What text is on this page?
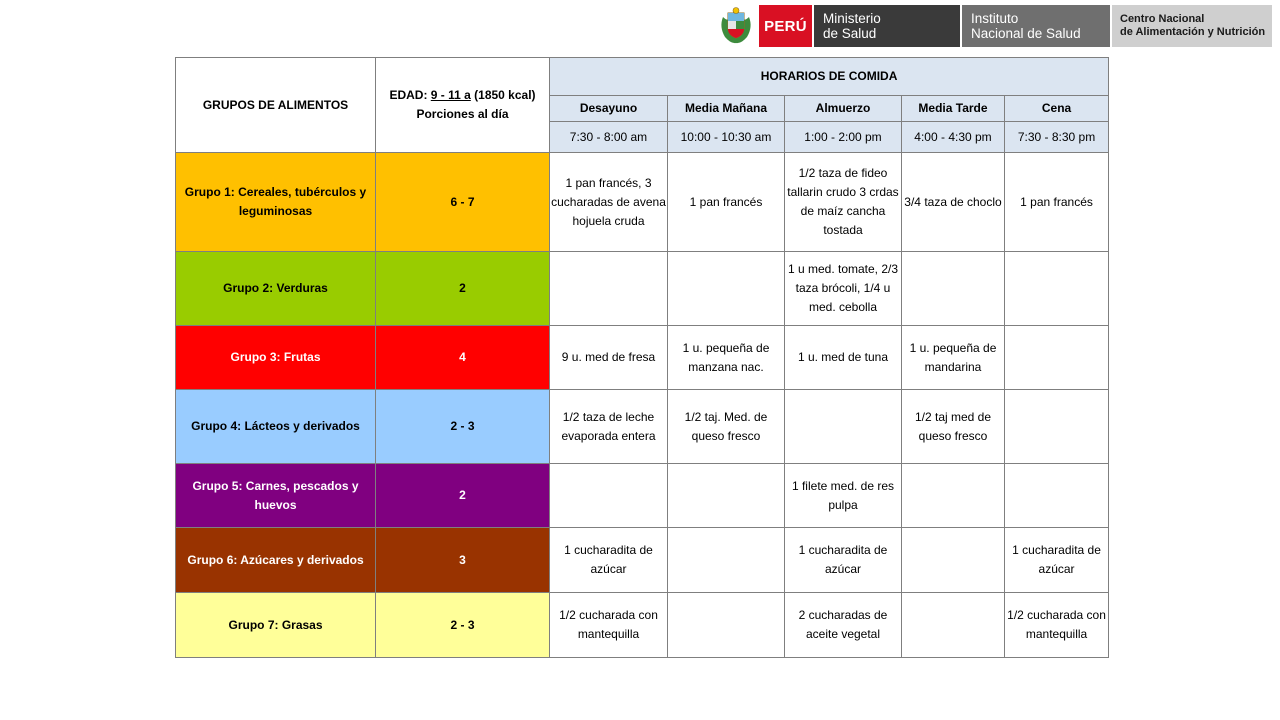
PERÚ Ministerio
de Salud
Instituto
Nacional de Salud
Centro Nacional
de Alimentación y Nutrición
GRUPOS DE ALIMENTOS	EDAD: 9 - 11 a (1850 kcal)
Porciones al día	HORARIOS DE COMIDA				
		Desayuno	Media Mañana	Almuerzo	Media Tarde	Cena
		7:30 - 8:00 am	10:00 - 10:30 am	1:00 - 2:00 pm	4:00 - 4:30 pm	7:30 - 8:30 pm
Grupo 1: Cereales, tubérculos y leguminosas	6 - 7	1 pan francés, 3 cucharadas de avena hojuela cruda	1 pan francés	1/2 taza de fideo tallarin crudo 3 crdas de maíz cancha tostada	3/4 taza de choclo	1 pan francés
Grupo 2: Verduras	2			1 u med. tomate, 2/3 taza brócoli, 1/4 u med. cebolla		
Grupo 3: Frutas	4	9 u. med de fresa	1 u. pequeña de manzana nac.	1 u. med de tuna	1 u. pequeña de mandarina	
Grupo 4: Lácteos y derivados	2 - 3	1/2 taza de leche evaporada entera	1/2 taj. Med. de queso fresco		1/2 taj med de queso fresco	
Grupo 5: Carnes, pescados y huevos	2			1 filete med. de res pulpa		
Grupo 6: Azúcares y derivados	3	1 cucharadita de azúcar		1 cucharadita de azúcar		1 cucharadita de azúcar
Grupo 7: Grasas	2 - 3	1/2 cucharada con mantequilla		2 cucharadas de aceite vegetal		1/2 cucharada con mantequilla
